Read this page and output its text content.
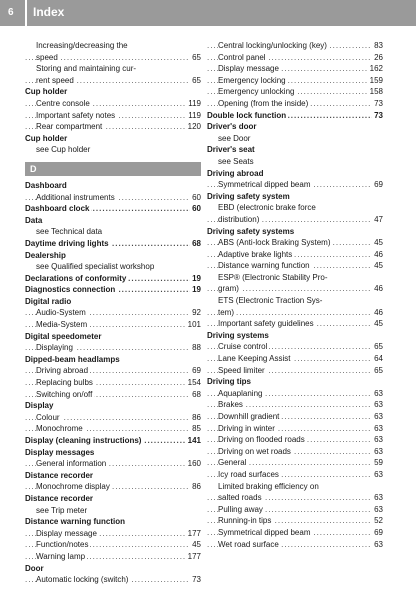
6 Index
Increasing/decreasing the
speed	65
.....
Storing and maintaining cur-
rent speed	65
.....
Cup holder
Centre console	119
.....
Important safety notes	119
.....
Rear compartment	120
.....
Cup holder
see Cup holder
D
Dashboard
Additional instruments	60
.....
Dashboard clock	60
.....
Data
see Technical data
Daytime driving lights	68
.....
Dealership
see Qualified specialist workshop
Declarations of conformity	19
.....
Diagnostics connection	19
.....
Digital radio
Audio-System	92
.....
Media-System	101
.....
Digital speedometer
Displaying	88
.....
Dipped-beam headlamps
Driving abroad	69
.....
Replacing bulbs	154
.....
Switching on/off	68
.....
Display
Colour	86
.....
Monochrome	85
.....
Display (cleaning instructions)	141
.....
Display messages
General information	160
.....
Distance recorder
Monochrome display	86
.....
Distance recorder
see Trip meter
Distance warning function
Display message	177
.....
Function/notes	45
.....
Warning lamp	177
.....
Door
Automatic locking (switch)	73
.....
Central locking/unlocking (key)	83
.....
Control panel	26
.....
Display message	162
.....
Emergency locking	159
.....
Emergency unlocking	158
.....
Opening (from the inside)	73
.....
Double lock function	73
.....
Driver's door
see Door
Driver's seat
see Seats
Driving abroad
Symmetrical dipped beam	69
.....
Driving safety system
EBD (electronic brake force
distribution)	47
.....
Driving safety systems
ABS (Anti-lock Braking System)	45
.....
Adaptive brake lights	46
.....
Distance warning function	45
.....
ESP® (Electronic Stability Pro-
gram)	46
.....
ETS (Electronic Traction Sys-
tem)	46
.....
Important safety guidelines	45
.....
Driving systems
Cruise control	65
.....
Lane Keeping Assist	64
.....
Speed limiter	65
.....
Driving tips
Aquaplaning	63
.....
Brakes	63
.....
Downhill gradient	63
.....
Driving in winter	63
.....
Driving on flooded roads	63
.....
Driving on wet roads	63
.....
General	59
.....
Icy road surfaces	63
.....
Limited braking efficiency on
salted roads	63
.....
Pulling away	63
.....
Running-in tips	52
.....
Symmetrical dipped beam	69
.....
Wet road surface	63
.....
